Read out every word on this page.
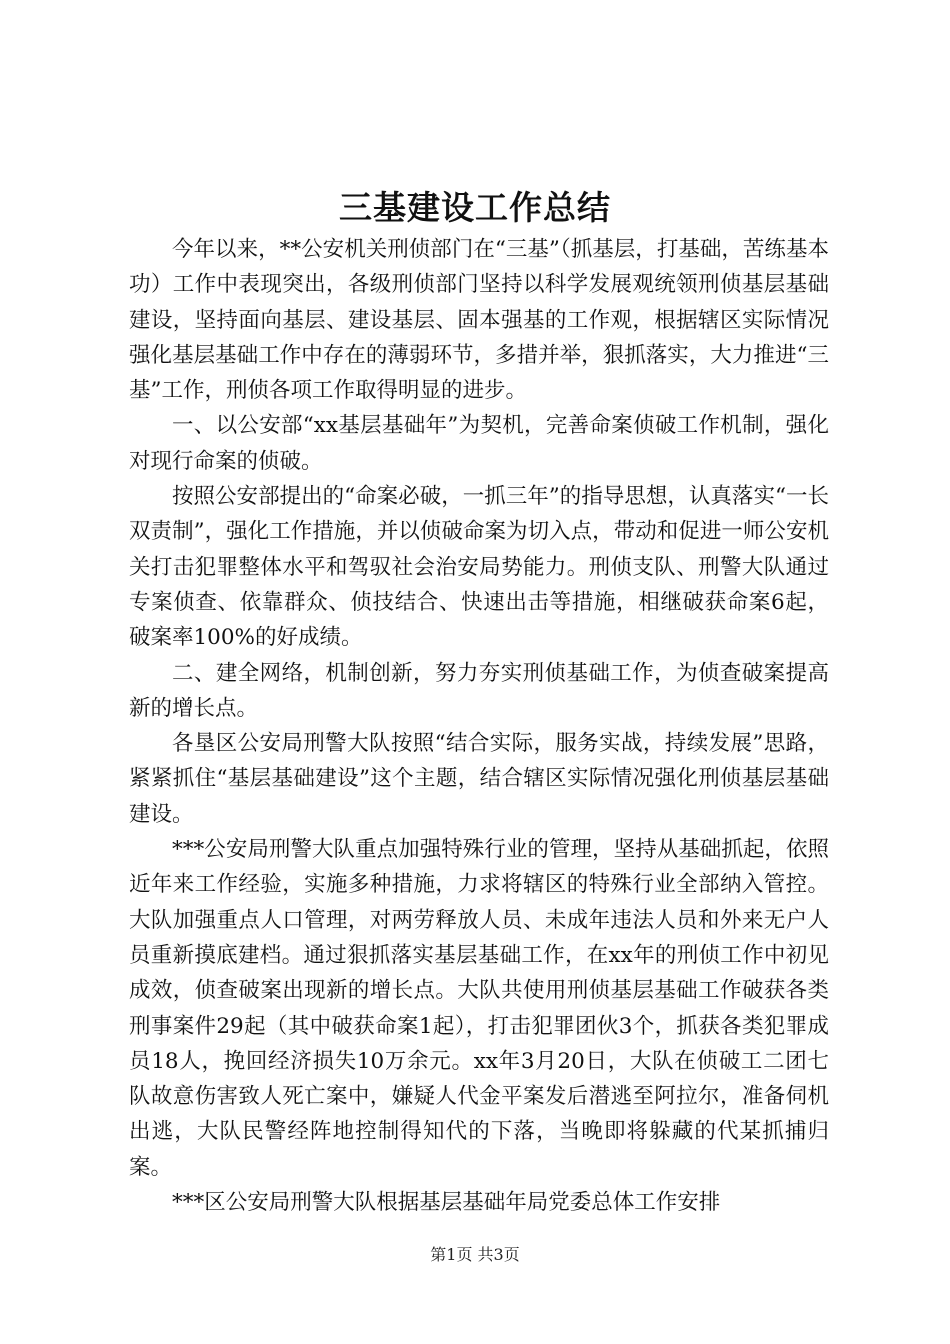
三基建设工作总结

今年以来，**公安机关刑侦部门在“三基”（抓基层，打基础，苦练基本功）工作中表现突出，各级刑侦部门坚持以科学发展观统领刑侦基层基础建设，坚持面向基层、建设基层、固本强基的工作观，根据辖区实际情况强化基层基础工作中存在的薄弱环节，多措并举，狠抓落实，大力推进“三基”工作，刑侦各项工作取得明显的进步。

一、以公安部“xx基层基础年”为契机，完善命案侦破工作机制，强化对现行命案的侦破。

按照公安部提出的“命案必破，一抓三年”的指导思想，认真落实“一长双责制”，强化工作措施，并以侦破命案为切入点，带动和促进一师公安机关打击犯罪整体水平和驾驭社会治安局势能力。刑侦支队、刑警大队通过专案侦查、依靠群众、侦技结合、快速出击等措施，相继破获命案6起，破案率100%的好成绩。

二、建全网络，机制创新，努力夯实刑侦基础工作，为侦查破案提高新的增长点。

各垦区公安局刑警大队按照“结合实际，服务实战，持续发展”思路，紧紧抓住“基层基础建设”这个主题，结合辖区实际情况强化刑侦基层基础建设。

***公安局刑警大队重点加强特殊行业的管理，坚持从基础抓起，依照近年来工作经验，实施多种措施，力求将辖区的特殊行业全部纳入管控。大队加强重点人口管理，对两劳释放人员、未成年违法人员和外来无户人员重新摸底建档。通过狠抓落实基层基础工作，在xx年的刑侦工作中初见成效，侦查破案出现新的增长点。大队共使用刑侦基层基础工作破获各类刑事案件29起（其中破获命案1起），打击犯罪团伙3个，抓获各类犯罪成员18人，挽回经济损失10万余元。xx年3月20日，大队在侦破工二团七队故意伤害致人死亡案中，嫌疑人代金平案发后潜逃至阿拉尔，准备伺机出逃，大队民警经阵地控制得知代的下落，当晚即将躲藏的代某抓捕归案。

***区公安局刑警大队根据基层基础年局党委总体工作安排

第1页 共3页
